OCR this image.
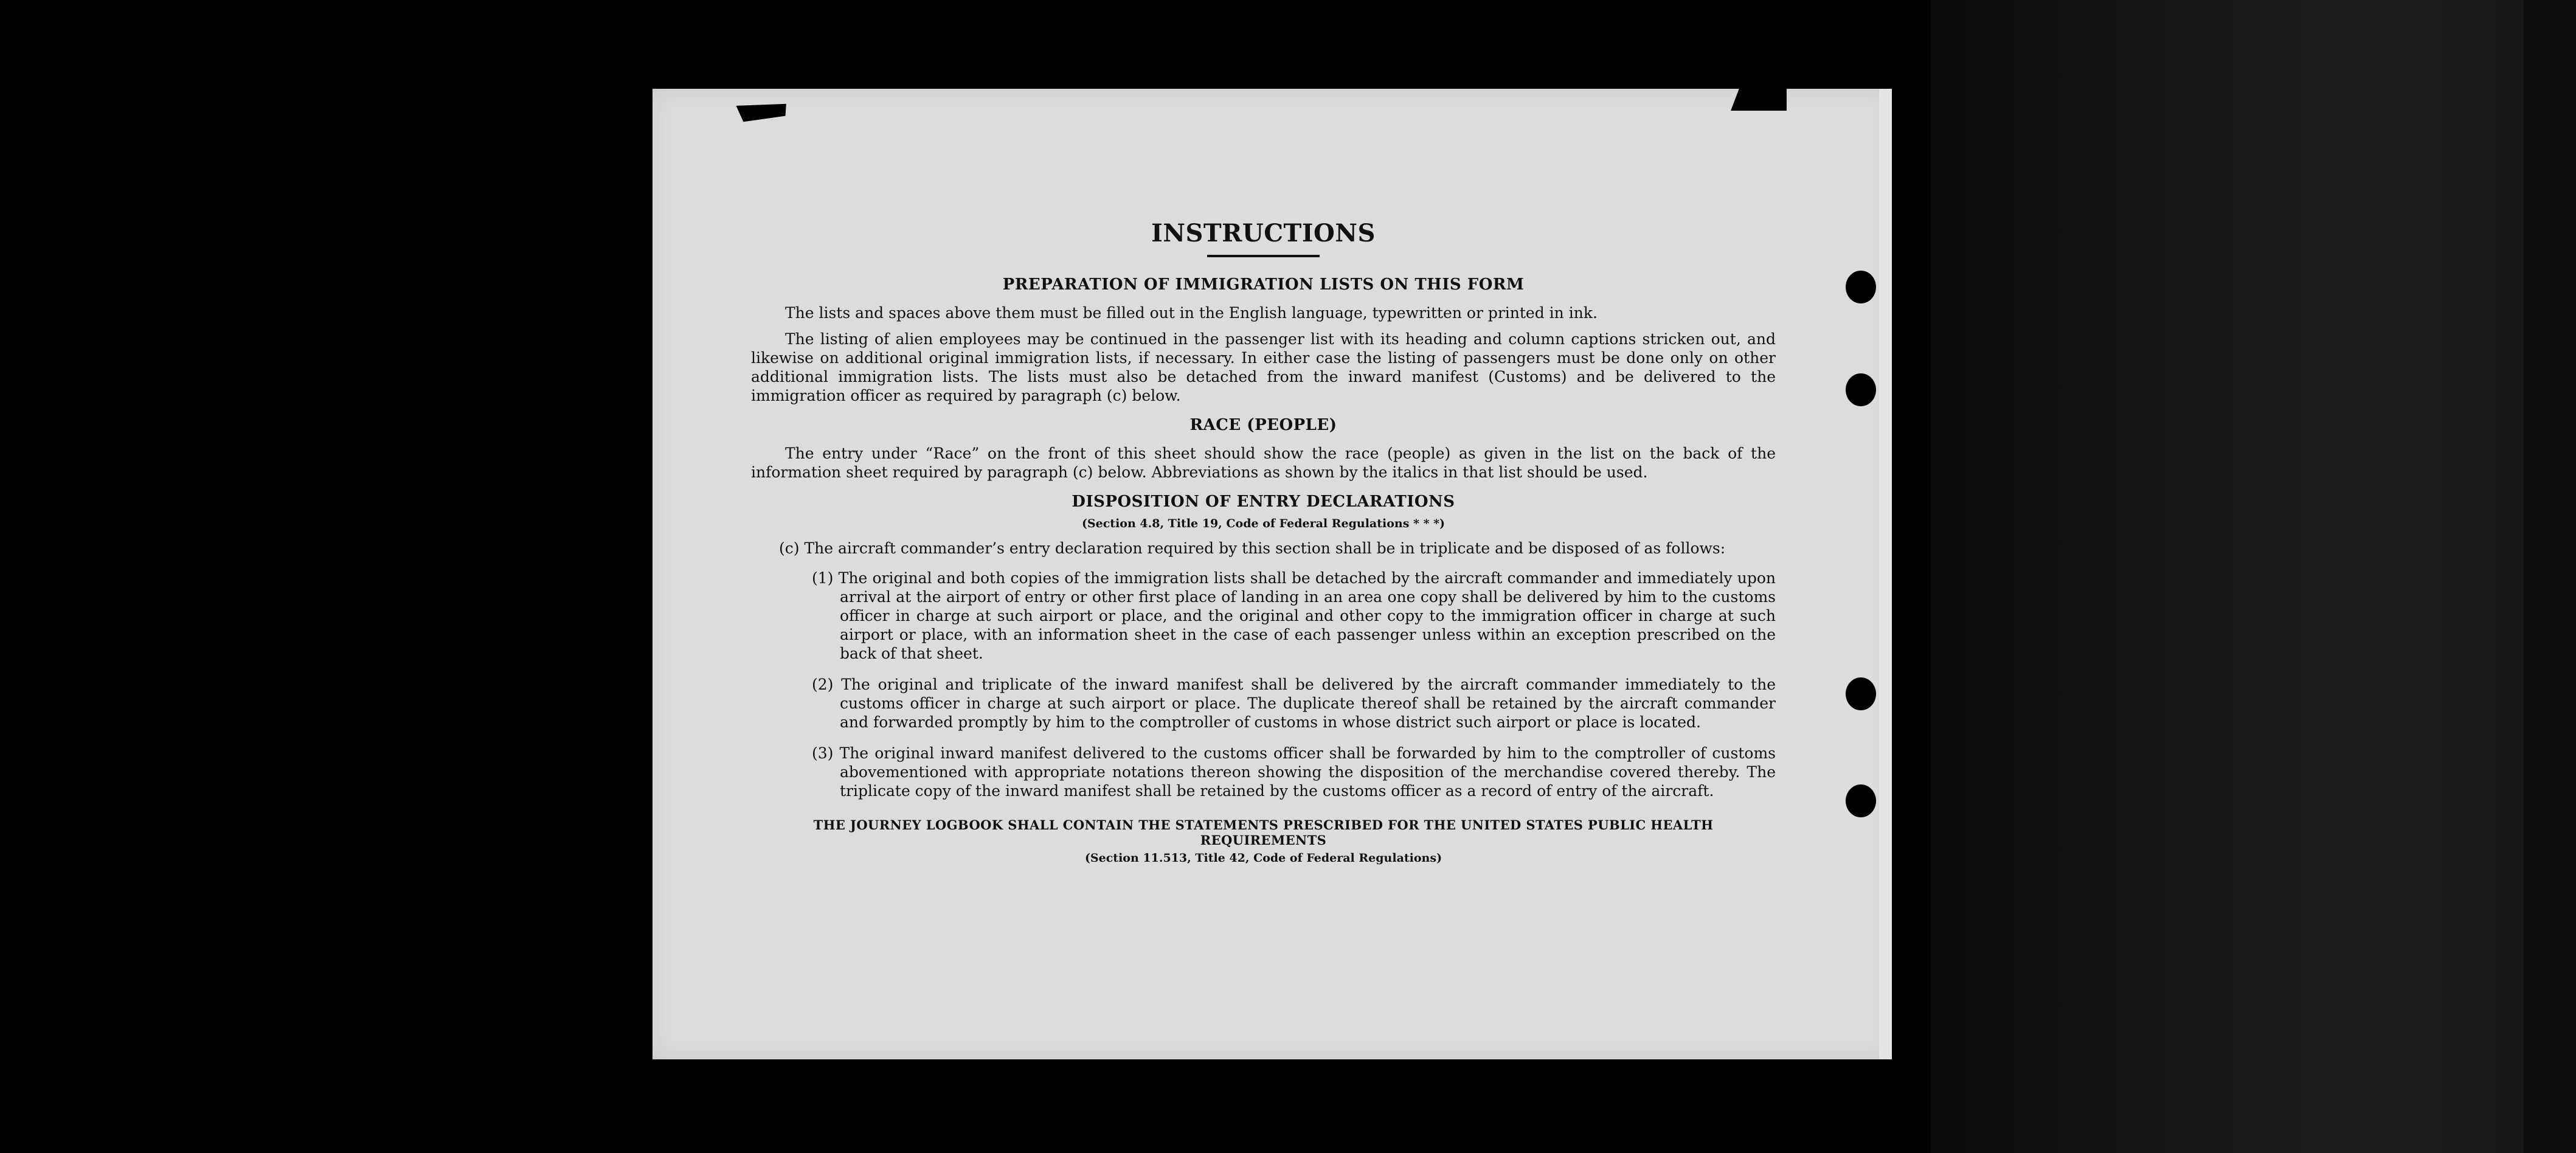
INSTRUCTIONS
PREPARATION OF IMMIGRATION LISTS ON THIS FORM

The lists and spaces above them must be filled out in the English language, typewritten or printed in ink.

The listing of alien employees may be continued in the passenger list with its heading and column captions stricken out, and likewise on additional original immigration lists, if necessary. In either case the listing of passengers must be done only on other additional immigration lists. The lists must also be detached from the inward manifest (Customs) and be delivered to the immigration officer as required by paragraph (c) below.

RACE (PEOPLE)

The entry under “Race” on the front of this sheet should show the race (people) as given in the list on the back of the information sheet required by paragraph (c) below. Abbreviations as shown by the italics in that list should be used.

DISPOSITION OF ENTRY DECLARATIONS
(Section 4.8, Title 19, Code of Federal Regulations * * *)

(c) The aircraft commander’s entry declaration required by this section shall be in triplicate and be disposed of as follows:

(1) The original and both copies of the immigration lists shall be detached by the aircraft commander and immediately upon arrival at the airport of entry or other first place of landing in an area one copy shall be delivered by him to the customs officer in charge at such airport or place, and the original and other copy to the immigration officer in charge at such airport or place, with an information sheet in the case of each passenger unless within an exception prescribed on the back of that sheet.
(2) The original and triplicate of the inward manifest shall be delivered by the aircraft commander immediately to the customs officer in charge at such airport or place. The duplicate thereof shall be retained by the aircraft commander and forwarded promptly by him to the comptroller of customs in whose district such airport or place is located.
(3) The original inward manifest delivered to the customs officer shall be forwarded by him to the comptroller of customs abovementioned with appropriate notations thereon showing the disposition of the merchandise covered thereby. The triplicate copy of the inward manifest shall be retained by the customs officer as a record of entry of the aircraft.
THE JOURNEY LOGBOOK SHALL CONTAIN THE STATEMENTS PRESCRIBED FOR THE UNITED STATES PUBLIC HEALTH REQUIREMENTS
(Section 11.513, Title 42, Code of Federal Regulations)
